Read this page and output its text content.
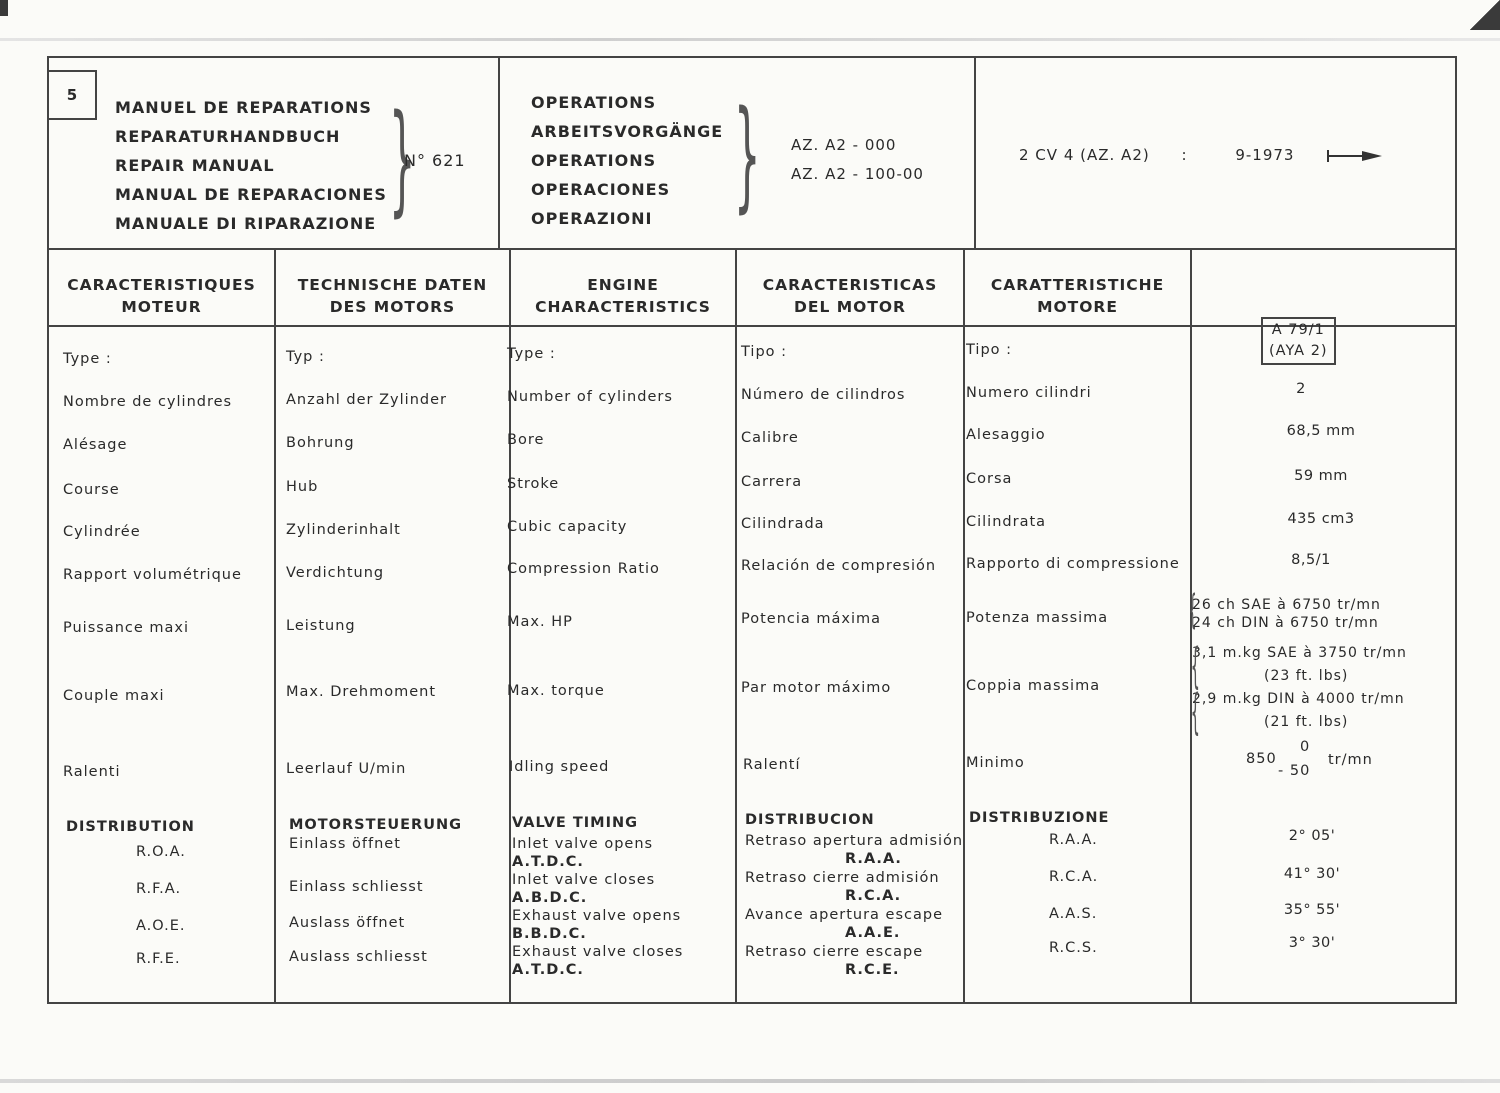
5
MANUEL DE REPARATIONS
REPARATURHANDBUCH
REPAIR MANUAL
MANUAL DE REPARACIONES
MANUALE DI RIPARAZIONE }
N° 621
OPERATIONS
ARBEITSVORGÄNGE
OPERATIONS
OPERACIONES
OPERAZIONI } AZ. A2 - 000
AZ. A2 - 100-00
2 CV 4 (AZ. A2) :	9-1973
CARACTERISTIQUES
MOTEUR
TECHNISCHE DATEN
DES MOTORS
ENGINE
CHARACTERISTICS
CARACTERISTICAS
DEL MOTOR
CARATTERISTICHE
MOTORE
Type :
Nombre de cylindres
Alésage
Course
Cylindrée
Rapport volumétrique
Puissance maxi
Couple maxi
Ralenti
Typ :
Anzahl der Zylinder
Bohrung
Hub
Zylinderinhalt
Verdichtung
Leistung
Max. Drehmoment
Leerlauf U/min
Type :
Number of cylinders
Bore
Stroke
Cubic capacity
Compression Ratio
Max. HP
Max. torque
Idling speed
Tipo :
Número de cilindros
Calibre
Carrera
Cilindrada
Relación de compresión
Potencia máxima
Par motor máximo
Ralentí
Tipo :
Numero cilindri
Alesaggio
Corsa
Cilindrata
Rapporto di compressione
Potenza massima
Coppia massima
Minimo
A 79/1
(AYA 2)
2
68,5 mm
59 mm
435 cm3
8,5/1
26 ch SAE à 6750 tr/mn
24 ch DIN à 6750 tr/mn
3,1 m.kg SAE à 3750 tr/mn
(23 ft. lbs)
2,9 m.kg DIN à 4000 tr/mn
(21 ft. lbs)
850
0
- 50
tr/mn
DISTRIBUTION
R.O.A.
R.F.A.
A.O.E.
R.F.E.
MOTORSTEUERUNG
Einlass öffnet
Einlass schliesst
Auslass öffnet
Auslass schliesst
VALVE TIMING
Inlet valve opens
A.T.D.C.
Inlet valve closes
A.B.D.C.
Exhaust valve opens
B.B.D.C.
Exhaust valve closes
A.T.D.C.
DISTRIBUCION
Retraso apertura admisión
R.A.A.
Retraso cierre admisión
R.C.A.
Avance apertura escape
A.A.E.
Retraso cierre escape
R.C.E.
DISTRIBUZIONE
R.A.A.
R.C.A.
A.A.S.
R.C.S.
2° 05'
41° 30'
35° 55'
3° 30'
{
{
{
